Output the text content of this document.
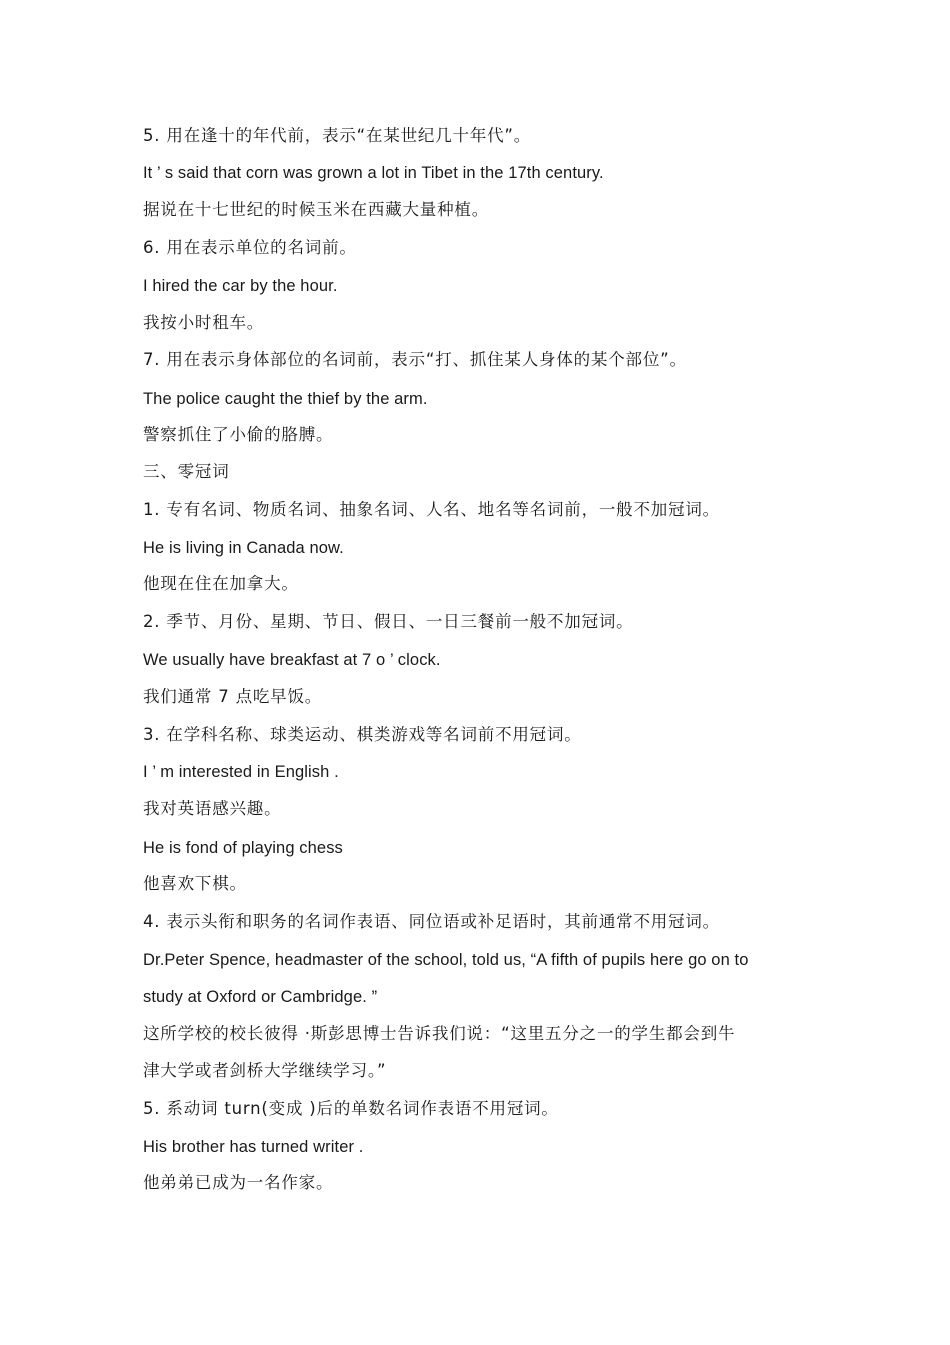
5. 用在逢十的年代前，表示“在某世纪几十年代”。
It ’ s said that corn was grown a lot in Tibet in the 17th century.
据说在十七世纪的时候玉米在西藏大量种植。
6. 用在表示单位的名词前。
I hired the car by the hour.
我按小时租车。
7. 用在表示身体部位的名词前，表示“打、抓住某人身体的某个部位”。
The police caught the thief by the arm.
警察抓住了小偷的胳膊。
三、零冠词
1. 专有名词、物质名词、抽象名词、人名、地名等名词前，一般不加冠词。
He is living in Canada now.
他现在住在加拿大。
2. 季节、月份、星期、节日、假日、一日三餐前一般不加冠词。
We usually have breakfast at 7 o ’ clock.
我们通常 7 点吃早饭。
3. 在学科名称、球类运动、棋类游戏等名词前不用冠词。
I ’ m interested in English .
我对英语感兴趣。
He is fond of playing chess
他喜欢下棋。
4. 表示头衔和职务的名词作表语、同位语或补足语时，其前通常不用冠词。
Dr.Peter Spence, headmaster of the school, told us, “A fifth of pupils here go on to
study at Oxford or Cambridge. ”
这所学校的校长彼得 ·斯彭思博士告诉我们说：“这里五分之一的学生都会到牛
津大学或者剑桥大学继续学习。”
5. 系动词 turn(变成 )后的单数名词作表语不用冠词。
His brother has turned writer .
他弟弟已成为一名作家。
